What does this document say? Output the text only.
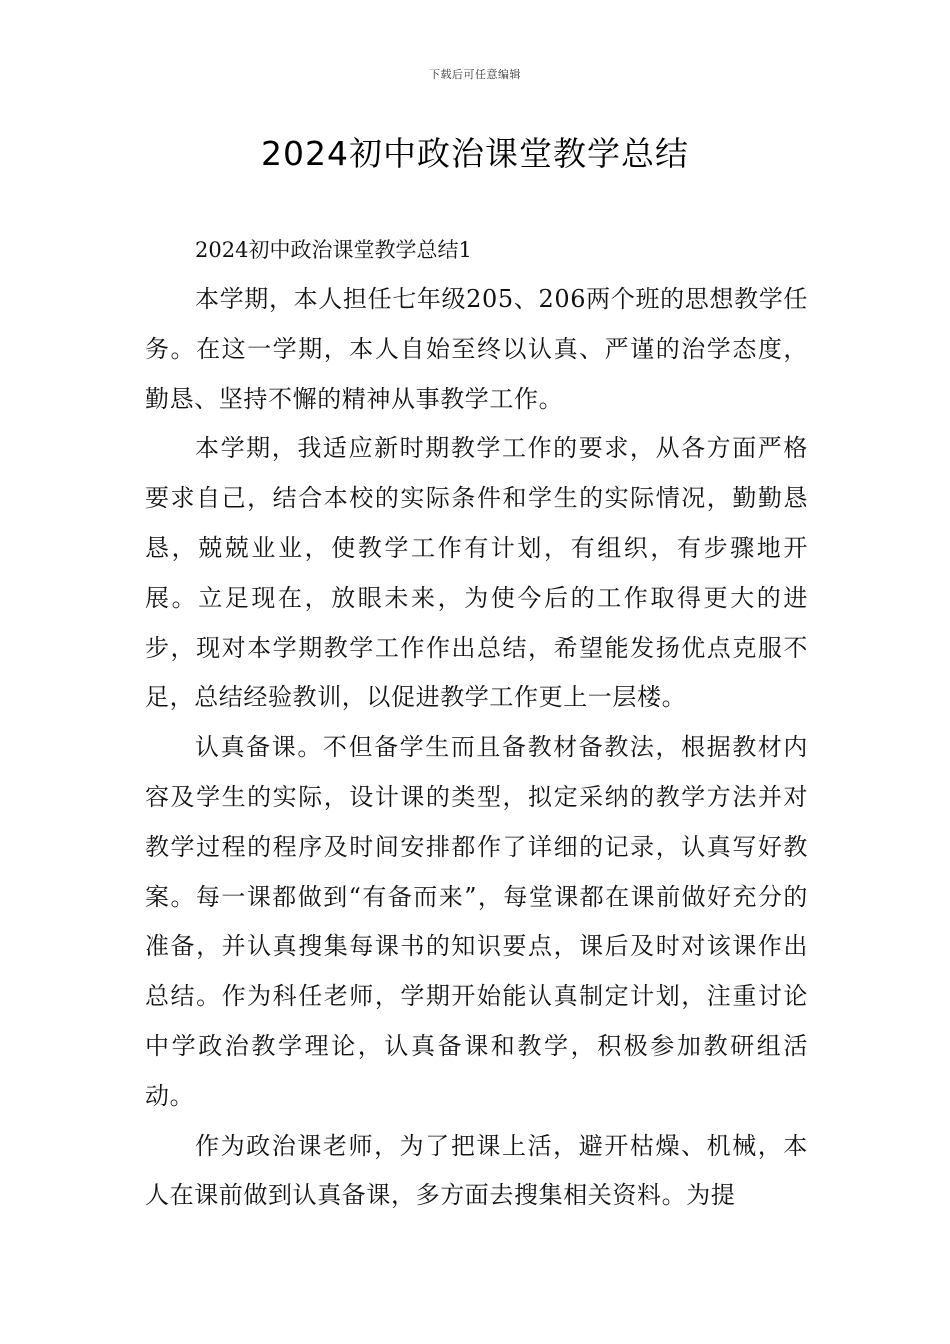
下载后可任意编辑
2024初中政治课堂教学总结

2024初中政治课堂教学总结1

本学期，本人担任七年级205、206两个班的思想教学任务。在这一学期，本人自始至终以认真、严谨的治学态度，勤恳、坚持不懈的精神从事教学工作。

本学期，我适应新时期教学工作的要求，从各方面严格要求自己，结合本校的实际条件和学生的实际情况，勤勤恳恳，兢兢业业，使教学工作有计划，有组织，有步骤地开展。立足现在，放眼未来，为使今后的工作取得更大的进步，现对本学期教学工作作出总结，希望能发扬优点克服不足，总结经验教训，以促进教学工作更上一层楼。

认真备课。不但备学生而且备教材备教法，根据教材内容及学生的实际，设计课的类型，拟定采纳的教学方法并对教学过程的程序及时间安排都作了详细的记录，认真写好教案。每一课都做到“有备而来”，每堂课都在课前做好充分的准备，并认真搜集每课书的知识要点，课后及时对该课作出总结。作为科任老师，学期开始能认真制定计划，注重讨论中学政治教学理论，认真备课和教学，积极参加教研组活动。

作为政治课老师，为了把课上活，避开枯燥、机械，本人在课前做到认真备课，多方面去搜集相关资料。为提
